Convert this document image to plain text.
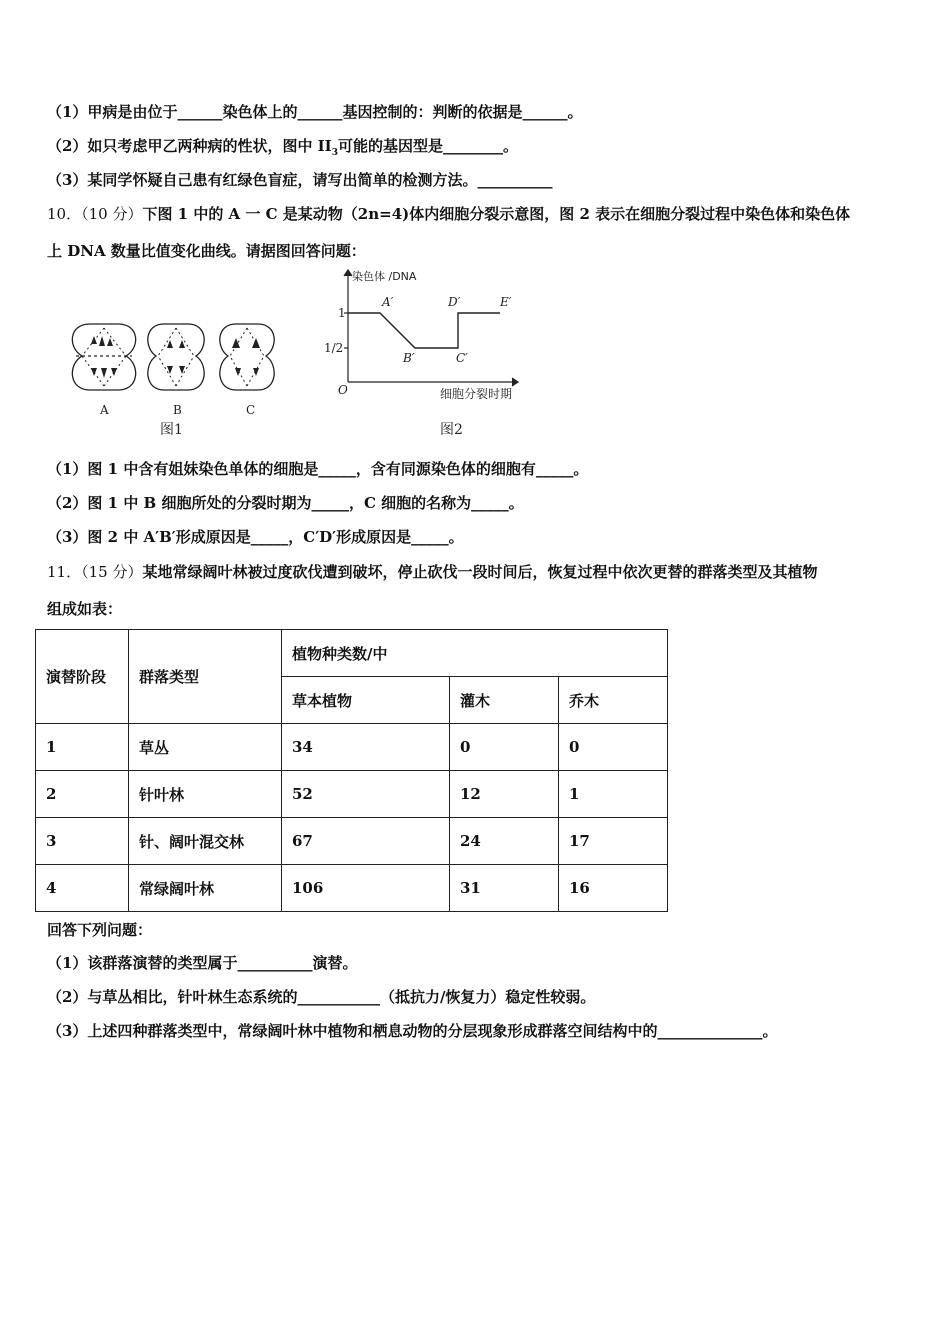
（1）甲病是由位于______染色体上的______基因控制的：判断的依据是______。
（2）如只考虑甲乙两种病的性状，图中 $II_3$可能的基因型是________。
（3）某同学怀疑自己患有红绿色盲症，请写出简单的检测方法。__________
10．（10 分）下图 1 中的 A 一 C 是某动物（2n=4)体内细胞分裂示意图，图 2 表示在细胞分裂过程中染色体和染色体
上 DNA 数量比值变化曲线。请据图回答问题：
A	B	C
图1
染色体 /DNA
1
1/2
O	细胞分裂时期
A′
B′	C′
D′	E′
图2
（1）图 1 中含有姐妹染色单体的细胞是_____，含有同源染色体的细胞有_____。
（2）图 1 中 B 细胞所处的分裂时期为_____，C 细胞的名称为_____。
（3）图 2 中 A′B′形成原因是_____，C′D′形成原因是_____。
11．（15 分）某地常绿阔叶林被过度砍伐遭到破坏，停止砍伐一段时间后，恢复过程中依次更替的群落类型及其植物
组成如表：
演替阶段	群落类型	植物种类数/中		
		草本植物	灌木	乔木
1	草丛	34	0	0
2	针叶林	52	12	1
3	针、阔叶混交林	67	24	17
4	常绿阔叶林	106	31	16
回答下列问题：
（1）该群落演替的类型属于__________演替。
（2）与草丛相比，针叶林生态系统的___________（抵抗力/恢复力）稳定性较弱。
（3）上述四种群落类型中，常绿阔叶林中植物和栖息动物的分层现象形成群落空间结构中的______________。
